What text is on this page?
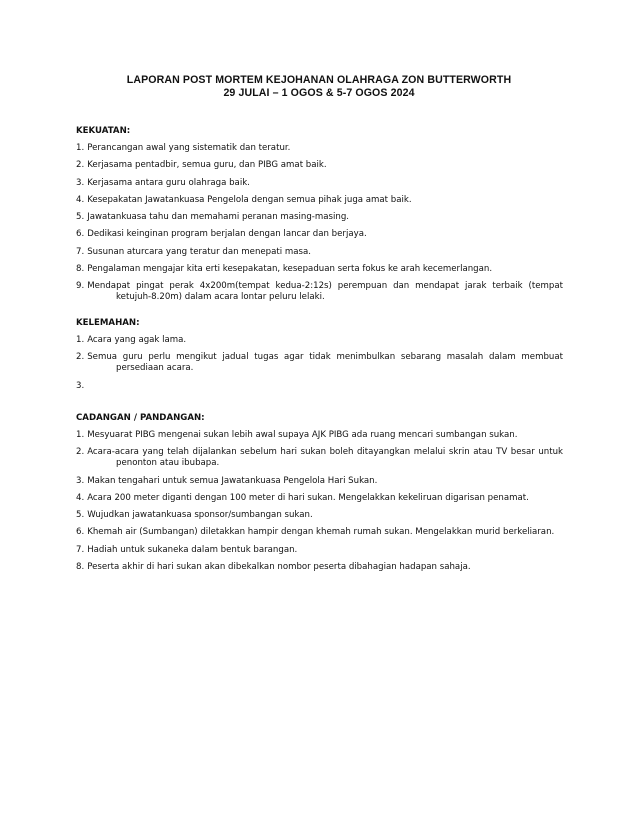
LAPORAN POST MORTEM KEJOHANAN OLAHRAGA ZON BUTTERWORTH
29 JULAI – 1 OGOS & 5-7 OGOS 2024
KEKUATAN:
1. Perancangan awal yang sistematik dan teratur.
2. Kerjasama pentadbir, semua guru, dan PIBG amat baik.
3. Kerjasama antara guru olahraga baik.
4. Kesepakatan Jawatankuasa Pengelola dengan semua pihak juga amat baik.
5. Jawatankuasa tahu dan memahami peranan masing-masing.
6. Dedikasi keinginan program berjalan dengan lancar dan berjaya.
7. Susunan aturcara yang teratur dan menepati masa.
8. Pengalaman mengajar kita erti kesepakatan, kesepaduan serta fokus ke arah kecemerlangan.
9. Mendapat pingat perak 4x200m(tempat kedua-2:12s) perempuan dan mendapat jarak terbaik (tempat ketujuh-8.20m) dalam acara lontar peluru lelaki.
KELEMAHAN:
1. Acara yang agak lama.
2. Semua guru perlu mengikut jadual tugas agar tidak menimbulkan sebarang masalah dalam membuat persediaan acara.
3.
CADANGAN / PANDANGAN:
1. Mesyuarat PIBG mengenai sukan lebih awal supaya AJK PIBG ada ruang mencari sumbangan sukan.
2. Acara-acara yang telah dijalankan sebelum hari sukan boleh ditayangkan melalui skrin atau TV besar untuk penonton atau ibubapa.
3. Makan tengahari untuk semua Jawatankuasa Pengelola Hari Sukan.
4. Acara 200 meter diganti dengan 100 meter di hari sukan. Mengelakkan kekeliruan digarisan penamat.
5. Wujudkan jawatankuasa sponsor/sumbangan sukan.
6. Khemah air (Sumbangan) diletakkan hampir dengan khemah rumah sukan. Mengelakkan murid berkeliaran.
7. Hadiah untuk sukaneka dalam bentuk barangan.
8. Peserta akhir di hari sukan akan dibekalkan nombor peserta dibahagian hadapan sahaja.
